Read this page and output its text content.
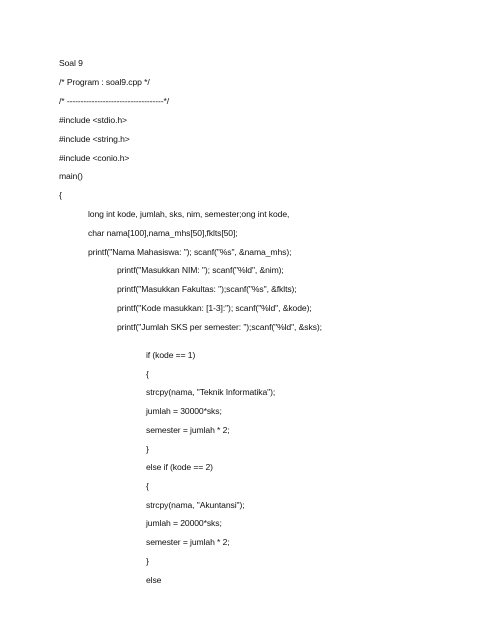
Soal 9
/* Program : soal9.cpp */
/* -----------------------------------*/
#include <stdio.h>
#include <string.h>
#include <conio.h>
main()
{
long int kode, jumlah, sks, nim, semester;ong int kode,
char nama[100],nama_mhs[50],fklts[50];
printf("Nama Mahasiswa: "); scanf("%s", &nama_mhs);
printf("Masukkan NIM: "); scanf("%ld", &nim);
printf("Masukkan Fakultas: ");scanf("%s", &fklts);
printf("Kode masukkan: [1-3]:"); scanf("%ld", &kode);
printf("Jumlah SKS per semester: ");scanf("%ld", &sks);
if (kode == 1)
{
strcpy(nama, "Teknik Informatika");
jumlah = 30000*sks;
semester = jumlah * 2;
}
else if (kode == 2)
{
strcpy(nama, "Akuntansi");
jumlah = 20000*sks;
semester = jumlah * 2;
}
else
